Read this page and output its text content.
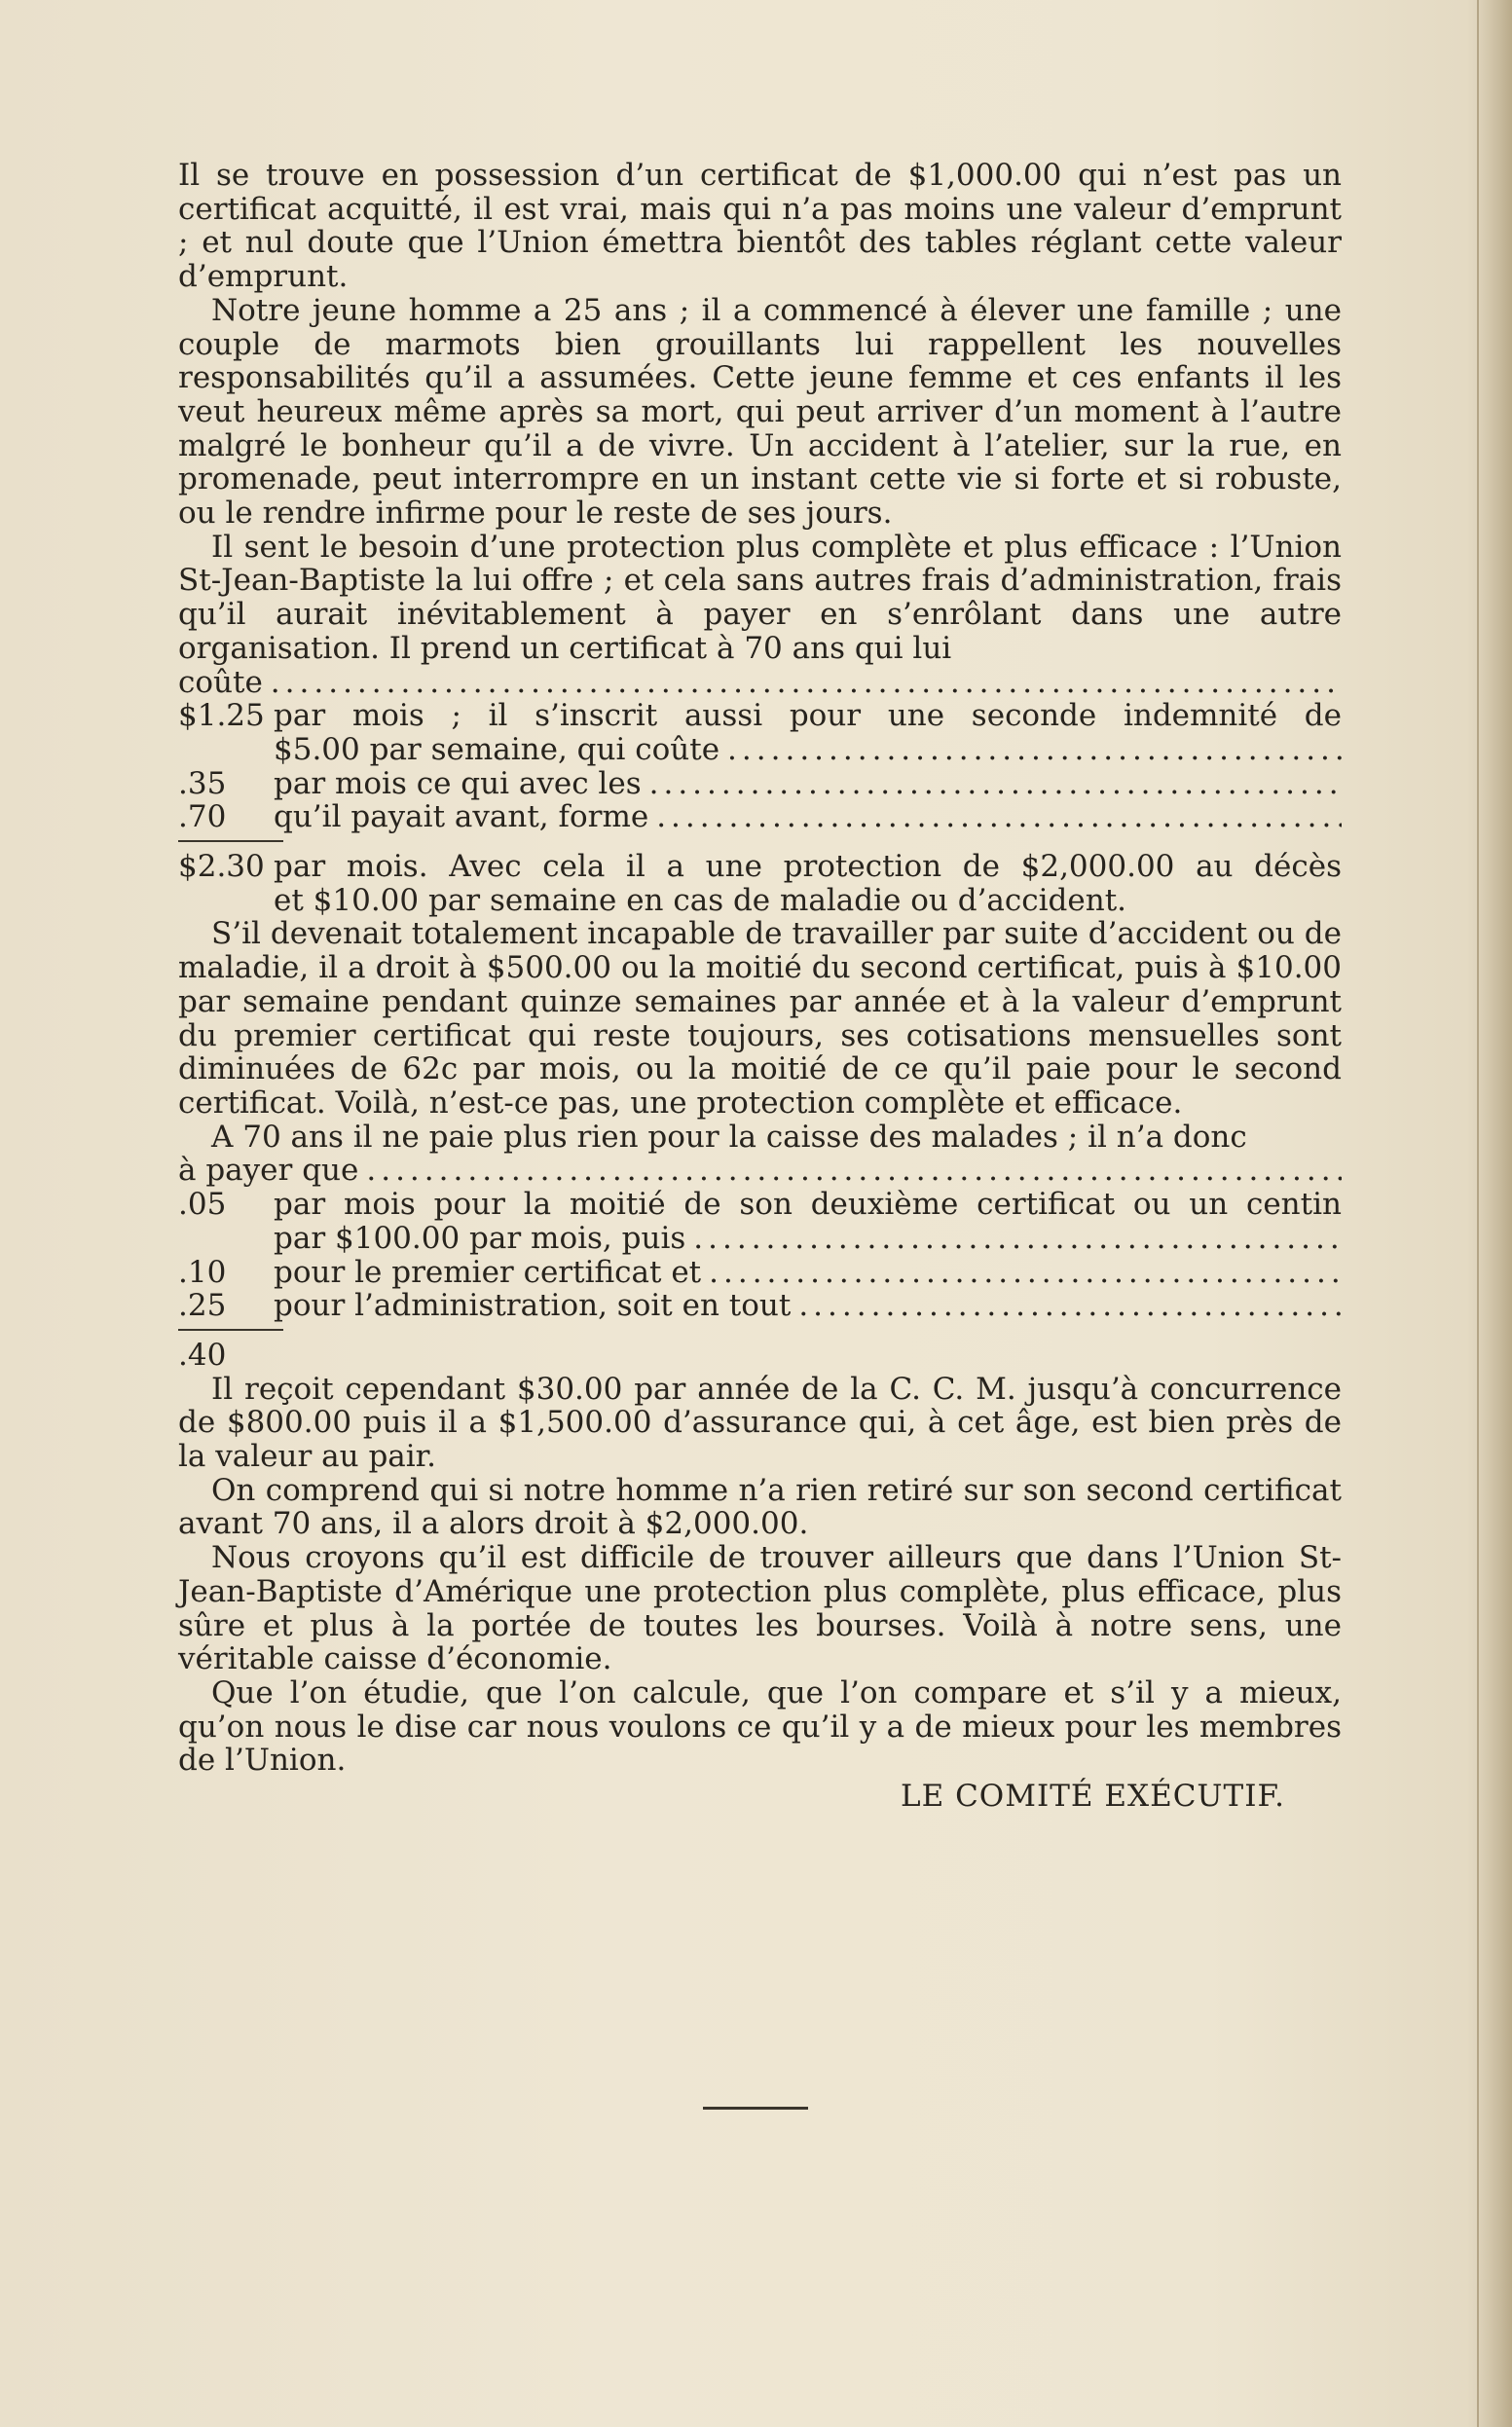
Il se trouve en possession d’un certificat de $1,000.00 qui n’est pas un certificat acquitté, il est vrai, mais qui n’a pas moins une valeur d’emprunt ; et nul doute que l’Union émettra bientôt des tables réglant cette valeur d’emprunt.

Notre jeune homme a 25 ans ; il a commencé à élever une famille ; une couple de marmots bien grouillants lui rappellent les nouvelles responsabilités qu’il a assumées. Cette jeune femme et ces enfants il les veut heureux même après sa mort, qui peut arriver d’un moment à l’autre malgré le bonheur qu’il a de vivre. Un accident à l’atelier, sur la rue, en promenade, peut interrompre en un instant cette vie si forte et si robuste, ou le rendre infirme pour le reste de ses jours.

Il sent le besoin d’une protection plus complète et plus efficace : l’Union St-Jean-Baptiste la lui offre ; et cela sans autres frais d’administration, frais qu’il aurait inévitablement à payer en s’enrôlant dans une autre organisation. Il prend un certificat à 70 ans qui lui

coûte
.....
$1.25 par mois ; il s’inscrit aussi pour une seconde indemnité de
$5.00 par semaine, qui coûte
.....
.35	par mois ce qui avec les
.....
.70	qu’il payait avant, forme
.....
$2.30 par mois. Avec cela il a une protection de $2,000.00 au décès
et $10.00 par semaine en cas de maladie ou d’accident.

S’il devenait totalement incapable de travailler par suite d’accident ou de maladie, il a droit à $500.00 ou la moitié du second certificat, puis à $10.00 par semaine pendant quinze semaines par année et à la valeur d’emprunt du premier certificat qui reste toujours, ses cotisations mensuelles sont diminuées de 62c par mois, ou la moitié de ce qu’il paie pour le second certificat. Voilà, n’est-ce pas, une protection complète et efficace.

A 70 ans il ne paie plus rien pour la caisse des malades ; il n’a donc

à payer que
.....
.05	par mois pour la moitié de son deuxième certificat ou un centin
par $100.00 par mois, puis
.....
.10	pour le premier certificat et
.....
.25	pour l’administration, soit en tout
.....
.40

Il reçoit cependant $30.00 par année de la C. C. M. jusqu’à concurrence de $800.00 puis il a $1,500.00 d’assurance qui, à cet âge, est bien près de la valeur au pair.

On comprend qui si notre homme n’a rien retiré sur son second certificat avant 70 ans, il a alors droit à $2,000.00.

Nous croyons qu’il est difficile de trouver ailleurs que dans l’Union St-Jean-Baptiste d’Amérique une protection plus complète, plus efficace, plus sûre et plus à la portée de toutes les bourses. Voilà à notre sens, une véritable caisse d’économie.

Que l’on étudie, que l’on calcule, que l’on compare et s’il y a mieux, qu’on nous le dise car nous voulons ce qu’il y a de mieux pour les membres de l’Union.

LE COMITÉ EXÉCUTIF.
